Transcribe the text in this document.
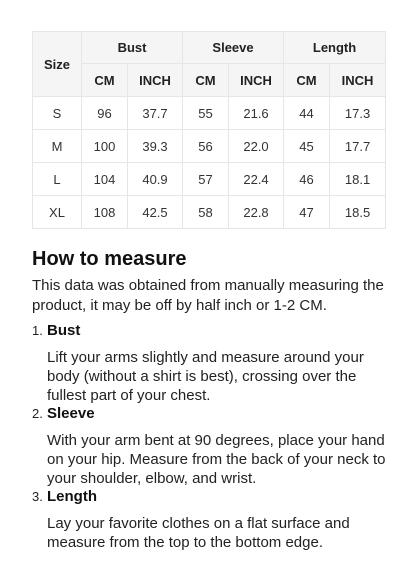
Size	Bust		Sleeve		Length	
	CM	INCH	CM	INCH	CM	INCH
S	96	37.7	55	21.6	44	17.3
M	100	39.3	56	22.0	45	17.7
L	104	40.9	57	22.4	46	18.1
XL	108	42.5	58	22.8	47	18.5
How to measure

This data was obtained from manually measuring the product, it may be off by half inch or 1-2 CM.

1. Bust
Lift your arms slightly and measure around your body (without a shirt is best), crossing over the fullest part of your chest.
2. Sleeve
With your arm bent at 90 degrees, place your hand on your hip. Measure from the back of your neck to your shoulder, elbow, and wrist.
3. Length
Lay your favorite clothes on a flat surface and measure from the top to the bottom edge.
